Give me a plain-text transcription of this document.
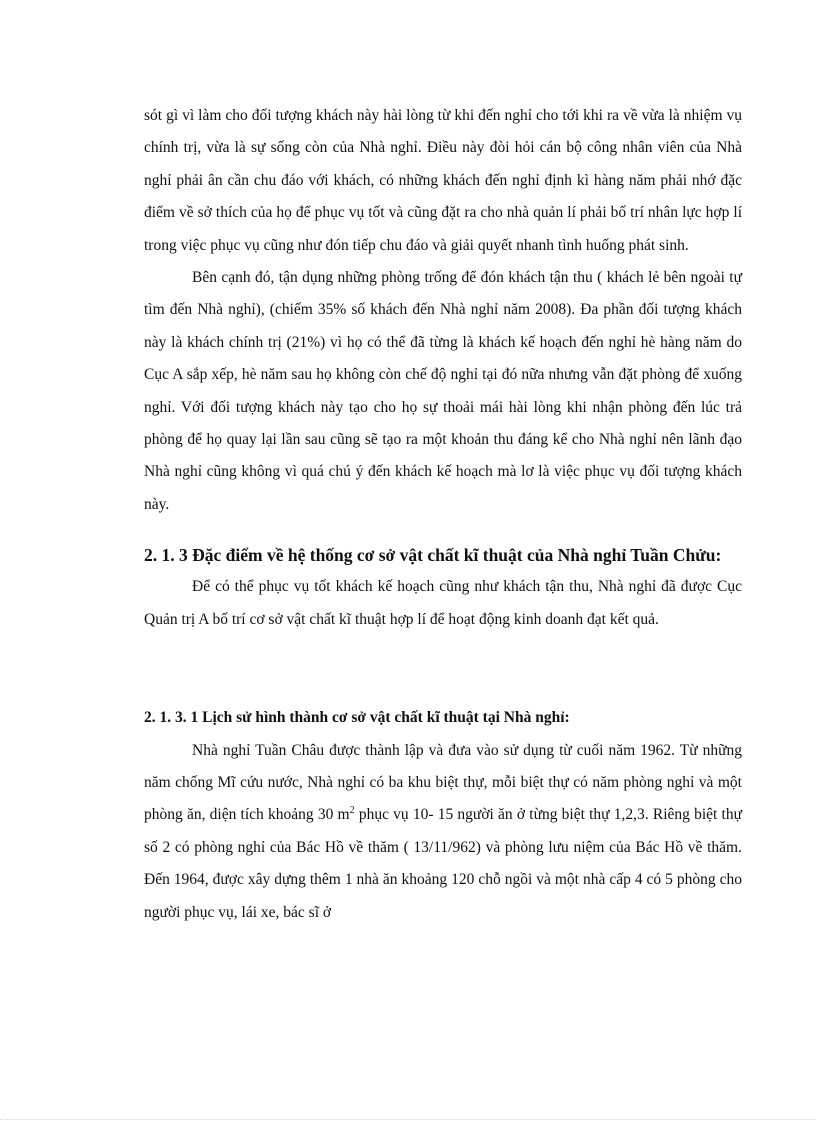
sót gì vì làm cho đối tượng khách này hài lòng từ khi đến nghỉ cho tới khi ra về vừa là nhiệm vụ chính trị, vừa là sự sống còn của Nhà nghỉ. Điều này đòi hỏi cán bộ công nhân viên của Nhà nghỉ phải ân cần chu đáo với khách, có những khách đến nghỉ định kì hàng năm phải nhớ đặc điểm về sở thích của họ để phục vụ tốt và cũng đặt ra cho nhà quản lí phải bố trí nhân lực hợp lí trong việc phục vụ cũng như đón tiếp chu đáo và giải quyết nhanh tình huống phát sinh.

Bên cạnh đó, tận dụng những phòng trống để đón khách tận thu ( khách lẻ bên ngoài tự tìm đến Nhà nghỉ), (chiếm 35% số khách đến Nhà nghỉ năm 2008). Đa phần đối tượng khách này là khách chính trị (21%) vì họ có thể đã từng là khách kế hoạch đến nghỉ hè hàng năm do Cục A sắp xếp, hè năm sau họ không còn chế độ nghỉ tại đó nữa nhưng vẫn đặt phòng để xuống nghỉ. Với đối tượng khách này tạo cho họ sự thoải mái hài lòng khi nhận phòng đến lúc trả phòng để họ quay lại lần sau cũng sẽ tạo ra một khoản thu đáng kể cho Nhà nghỉ nên lãnh đạo Nhà nghỉ cũng không vì quá chú ý đến khách kế hoạch mà lơ là việc phục vụ đối tượng khách này.

2. 1. 3 Đặc điểm về hệ thống cơ sở vật chất kĩ thuật của Nhà nghỉ Tuần Chửu:

Để có thể phục vụ tốt khách kế hoạch cũng như khách tận thu, Nhà nghỉ đã được Cục Quản trị A bố trí cơ sở vật chất kĩ thuật hợp lí để hoạt động kinh doanh đạt kết quả.

2. 1. 3. 1 Lịch sử hình thành cơ sở vật chất kĩ thuật tại Nhà nghỉ:

Nhà nghỉ Tuần Châu được thành lập và đưa vào sử dụng từ cuối năm 1962. Từ những năm chống Mĩ cứu nước, Nhà nghỉ có ba khu biệt thự, mỗi biệt thự có năm phòng nghỉ và một phòng ăn, diện tích khoảng 30 $m^2$ phục vụ 10- 15 người ăn ở từng biệt thự 1,2,3. Riêng biệt thự số 2 có phòng nghỉ của Bác Hồ về thăm ( 13/11/962) và phòng lưu niệm của Bác Hồ về thăm. Đến 1964, được xây dựng thêm 1 nhà ăn khoảng 120 chỗ ngồi và một nhà cấp 4 có 5 phòng cho người phục vụ, lái xe, bác sĩ ở
